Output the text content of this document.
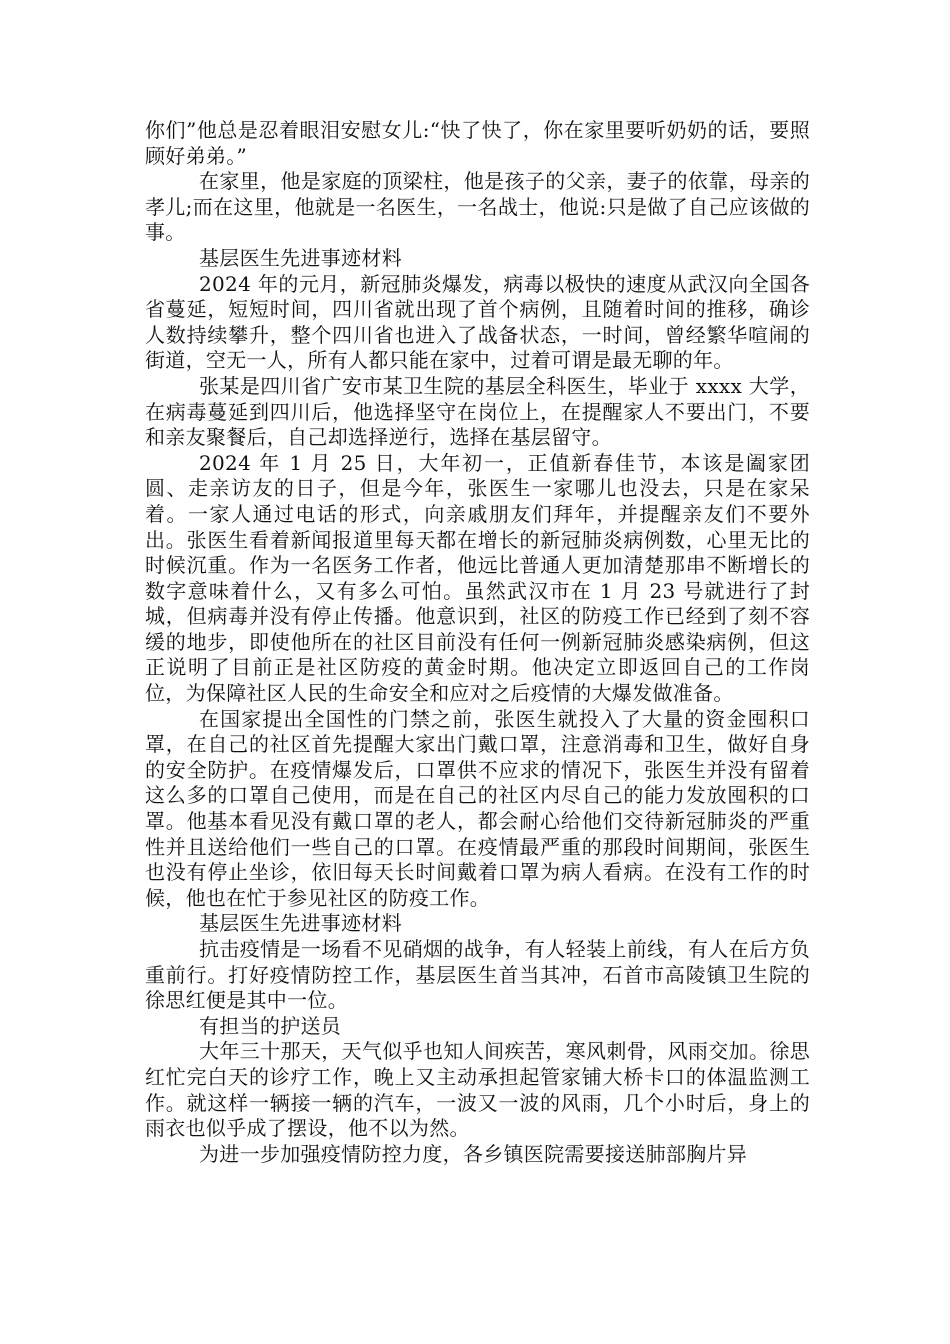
你们”他总是忍着眼泪安慰女儿:“快了快了，你在家里要听奶奶的话，要照顾好弟弟。”

在家里，他是家庭的顶梁柱，他是孩子的父亲，妻子的依靠，母亲的孝儿;而在这里，他就是一名医生，一名战士，他说:只是做了自己应该做的事。

基层医生先进事迹材料

2024 年的元月，新冠肺炎爆发，病毒以极快的速度从武汉向全国各省蔓延，短短时间，四川省就出现了首个病例，且随着时间的推移，确诊人数持续攀升，整个四川省也进入了战备状态，一时间，曾经繁华喧闹的街道，空无一人，所有人都只能在家中，过着可谓是最无聊的年。

张某是四川省广安市某卫生院的基层全科医生，毕业于 xxxx 大学，在病毒蔓延到四川后，他选择坚守在岗位上，在提醒家人不要出门，不要和亲友聚餐后，自己却选择逆行，选择在基层留守。

2024 年 1 月 25 日，大年初一，正值新春佳节，本该是阖家团圆、走亲访友的日子，但是今年，张医生一家哪儿也没去，只是在家呆着。一家人通过电话的形式，向亲戚朋友们拜年，并提醒亲友们不要外出。张医生看着新闻报道里每天都在增长的新冠肺炎病例数，心里无比的时候沉重。作为一名医务工作者，他远比普通人更加清楚那串不断增长的数字意味着什么，又有多么可怕。虽然武汉市在 1 月 23 号就进行了封城，但病毒并没有停止传播。他意识到，社区的防疫工作已经到了刻不容缓的地步，即使他所在的社区目前没有任何一例新冠肺炎感染病例，但这正说明了目前正是社区防疫的黄金时期。他决定立即返回自己的工作岗位，为保障社区人民的生命安全和应对之后疫情的大爆发做准备。

在国家提出全国性的门禁之前，张医生就投入了大量的资金囤积口罩，在自己的社区首先提醒大家出门戴口罩，注意消毒和卫生，做好自身的安全防护。在疫情爆发后，口罩供不应求的情况下，张医生并没有留着这么多的口罩自己使用，而是在自己的社区内尽自己的能力发放囤积的口罩。他基本看见没有戴口罩的老人，都会耐心给他们交待新冠肺炎的严重性并且送给他们一些自己的口罩。在疫情最严重的那段时间期间，张医生也没有停止坐诊，依旧每天长时间戴着口罩为病人看病。在没有工作的时候，他也在忙于参见社区的防疫工作。

基层医生先进事迹材料

抗击疫情是一场看不见硝烟的战争，有人轻装上前线，有人在后方负重前行。打好疫情防控工作，基层医生首当其冲，石首市高陵镇卫生院的徐思红便是其中一位。

有担当的护送员

大年三十那天，天气似乎也知人间疾苦，寒风刺骨，风雨交加。徐思红忙完白天的诊疗工作，晚上又主动承担起管家铺大桥卡口的体温监测工作。就这样一辆接一辆的汽车，一波又一波的风雨，几个小时后，身上的雨衣也似乎成了摆设，他不以为然。

为进一步加强疫情防控力度，各乡镇医院需要接送肺部胸片异
